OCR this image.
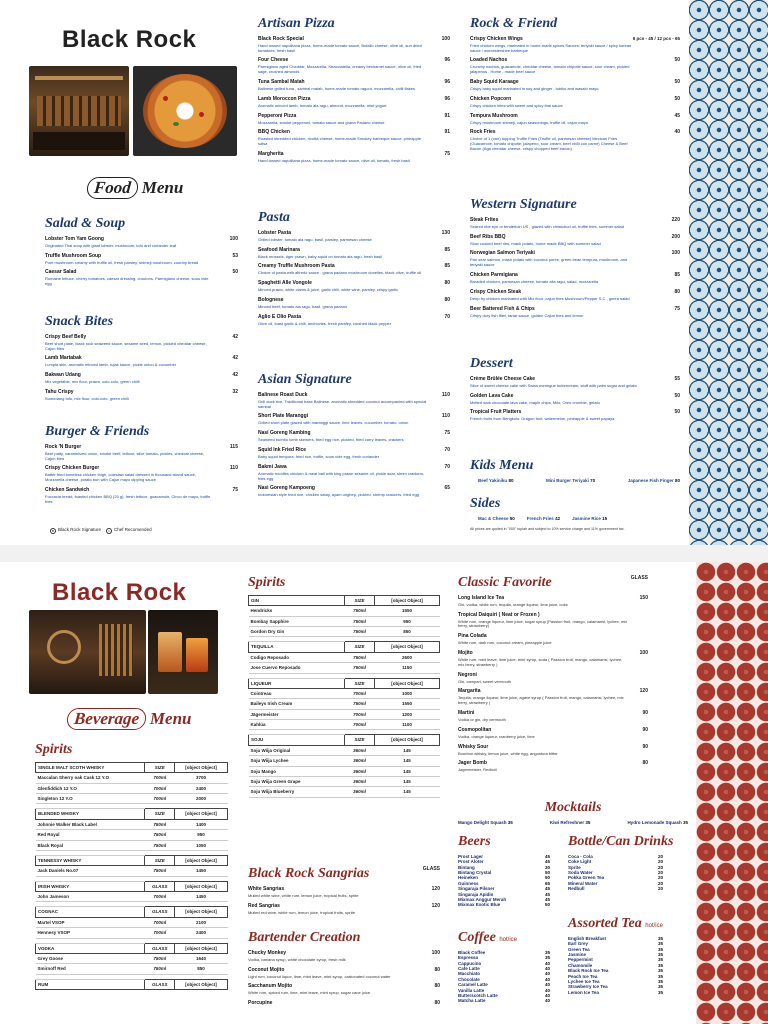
Black Rock
Food Menu
Salad & Soup
Lobster Tom Yam Goong	100
Originated Thai soup with giant lobster, mushroom, tofu and coriander leaf
Truffle Mushroom Soup	53
Pure mushroom creamy with truffle oil, fresh parsley, shimeji mushroom, country bread
Caesar Salad	50
Romaine lettuce, cherry tomatoes, caesar dressing, croutons, Parmigiano cheese, sous vide egg
Snack Bites
Crispy Beef Belly	42
Beef short plate, black rock seaweed sauce, sesame seed, lemon, pickled cheddar cheese, Cajun fries
Lamb Martabak	42
Lumpia skin, aromatic minced lamb, rujak sauce, pickle onion & cucumber
Bakwan Udang	42
Mix vegetable, mix flour, prawn, colo-colo, green chilli
Tahu Crispy	32
Sumedang tofu, mix flour, colo-colo, green chilli
Burger & Friends
Rock 'N Burger	115
Beef patty, caramelized onion, smoke beef, lettuce, slice tomato, pickles, cheddar cheese, Cajun fries
Crispy Chicken Burger	110
Batter fried boneless chicken thigh, coleslaw salad dressed in thousand island sauce, Mozzarella cheese, potato bun with Cajun mayo dipping sauce
Chicken Sandwich	75
Foccacia bread, toasted chicken BBQ (20 g), fresh lettuce, guacamole, Cinco de mayo, truffle fries
★ Black Rock Signature ♨ Chef Recomended
Artisan Pizza
Black Rock Special	100
Hand tossed napolitana pizza, home-made tomato sauce, Bufallo cheese, olive oil, sun dried tomatoes, fresh basil
Four Cheese	96
Parmigiano aged Cheddar, Mozzarella, Stracciatella, creamy bechamel sauce, olive oil, fried sage, crushed almonds
Tuna Sambal Matah	96
Balinese grilled tuna , sambal matah, home-made tomato ragout, mozzarella, chilli flakes
Lamb Moroccon Pizza	96
Aromatic minced lamb, tomato ala ragu, almond, mozzarella, mint yogurt
Pepperoni Pizza	91
Mozzarella, smoke pepperoni, tomato sauce and grana Padano cheese
BBQ Chicken	91
Roasted shredded chicken, ricotta cheese, home-made Smokey barbeque sauce, pineapple salsa
Margherita	75
Hand tossed napolitana pizza, home-made tomato sauce, olive oil, tomato, fresh basil
Pasta
Lobster Pasta	130
Grilled lobster, tomato ala ragu, basil, parsley, parmesan cheese
Seafood Marinara	85
Black mussels, tiger prawn, baby squid on tomato ala ragu, fresh basil
Creamy Truffle Mushroom Pasta	85
Choice of pasta with alfredo sauce , grana padano mushroom duxelles, black olive, truffle oil
Spaghetti Alle Vongole	80
Minced prawn, white clams & juice, garlic chili, white wine, parsley, crispy garlic
Bolognese	80
Minced beef, tomato ala ragu, basil, grana padano
Aglio E Olio Pasta	70
Olive oil, toast garlic & chili, anchovies, fresh parsley, crushed black pepper
Asian Signature
Balinese Roast Duck	110
Grill duck rice, Traditional base Balinese, aromatic shredded coconut accompanied with special sambal
Short Plate Maranggi	110
Grilled short plate glazed with maranggi sauce, lime leaves, cucumber, tomato, onion
Nasi Goreng Kambing	75
Seaweed bumbu lomb skewers, fried egg rice, pickled, fried curry leaves, crackers
Squid Ink Fried Rice	70
Baby squid tempura, fried rice, truffle, sous vide egg, fresh coriander
Bakmi Jawa	70
Aromatic noodles chicken & meat ball with king prawn sesame oil, pickle acar, shrim crackers, fries egg
Nasi Goreng Kampoeng	65
Indonesian style fried rice, chicken satay, ayam unghep, pickled, shrimp crackers, fried egg
Rock & Friend
6 pcs - 45 / 12 pcs - 65
Crispy Chicken Wings
Fried chicken wings, marinated in home-made spices Sauces: teriyaki sauce / spicy korean sauce / worcestershire barbeque
Loaded Nachos	50
Crunchy nachos, guacamole, cheddar cheese, tomato chipotle sauce, sour cream, pickled jalapenos . Home - made beef sauce
Baby Squid Karaage	50
Crispy baby squid marinated in soy and ginger , tobiko and wasabi mayo
Chicken Popcorn	50
Crispy chicken bites with sweet and spicy thai sauce
Tempura Mushroom	45
Crispy mushroom shimeji, cajun seasonings, truffle oil, cajun mayo
Rock Fries	40
Choice of 1 (one) topping Truffle Fries (Truffle oil, parmesan cheese) Mexican Fries (Guacamole, tomato chipotle, jalapeno, sour cream, beef chilli con carne) Cheese & Beef Bacon (Aga cheddar cheese, crispy chopped beef bacon)
Western Signature
Steak Frites	220
Seared ribe eye or tenderloin US , glazed with chimichuri oil, truffle fries, summer salad
Beef Ribs BBQ	200
Slow cooked beef ribs, mash potato, home made BBQ with summer salad
Norwegian Salmon Teriyaki	100
Pan sear salmon, mash potato with coconut puree, green bean tempura, mushroom, and teriyaki sauce
Chicken Parmigiana	85
Breaded chicken, parmesan cheese, tomato alla ragu, salad, mozzarella
Crispy Chicken Steak	80
Deep fry chicken marinated with Mix flour ,cajun fries Mushroom/Pepper S.C , green salad
Beer Battered Fish & Chips	75
Crispy dory fish fillet, tartar sauce, golden Cajun fries and lemon
Dessert
Crème Brûlée Cheese Cake	55
Slice of sweet cheese cake with Swiss meringue buttercream, stuff with palm sugar and gelato
Golden Lava Cake	50
Melted dark chocolate lava cake, maple chips, Milo, Oreo crumble, gelato
Tropical Fruit Platters	50
French fruits from Bengkulu: Dragon fruit, watermelon, pineapple & sweet papaya
Kids Menu
Beef Yakiniku 80	Mini Burger Teriyaki 70	Japanese Fish Finger 80
Sides
Mac & Cheese 50	French Fries 42	Jasmine Rice 15
All prices are quoted in "000" rupiah and subject to 10% service charge and 11% government tax.
Black Rock
Beverage Menu
Spirits
SINGLE MALT SCOTH WHISKY	SIZE	[object Object]
Maccalan Sherry oak Cask 12 Y.O	700ml	3700
Glenfiddich 12 Y.O	700ml	2400
Singleton 12 Y.O	700ml	2000

BLENDED WHISKY	SIZE	[object Object]
Johnnie Walker Black Label	750ml	1400
Red Royal	750ml	950
Black Royal	750ml	1050

TENNESSY WHISKY	SIZE	[object Object]
Jack Daniels No.07	750ml	1450

IRISH WHISKY	GLASS	[object Object]
John Jameson	700ml	1450

COGNAC	GLASS	[object Object]
Martel VSOP	700ml	2100
Hennesy VSOP	700ml	2400

VODKA	GLASS	[object Object]
Grey Goose	750ml	1640
Smirnoff Red	750ml	850

RUM	GLASS	[object Object]
Spirits
GIN	SIZE	[object Object]
Hendricks	750ml	1550
Bombay Sapphire	750ml	950
Gordon Dry Gin	750ml	850

TEQUILLA	SIZE	[object Object]
Codigo Reposado	750ml	2600
Jose Cuervo Reposado	750ml	1150

LIQUEUR	SIZE	[object Object]
Cointreau	700ml	1000
Baileys Irish Cream	750ml	1550
Jägermeister	700ml	1200
Kahlúa	700ml	1100

SOJU	SIZE	[object Object]
Soju Wiija Original	360ml	145
Soju Wiija Lychee	360ml	145
Soju Mango	360ml	145
Soju Wiija Green Grape	360ml	145
Soju Wiija Blueberry	360ml	145
Black Rock Sangrias	GLASS
White Sangrias	120
Mulled white wine, white rum, lemon juice, tropical fruits, sprite
Red Sangrias	120
Mulled red wine, white rum, lemon juice, tropical fruits, sprite
Bartender Creation
Chucky Monkey	100
Vodka, banana syrup, white chocolate syrup, fresh milk
Coconut Mojito	80
Light rum, coconut liquor, lime, mint leave, mint syrup, carbonated coconut water
Sacchanum Mojito	80
White rum, spiced rum, lime, mint leave, mint syrup, sugar cane juice
Porcupine	80
Classic Favorite	GLASS
Long Island Ice Tea	150
Gin, vodka, white rum, tequila, orange liqueur, lime juice, coke
Tropical Daiquiri ( Neat or Frozen )
White rum, orange liqueur, lime juice, sugar syrup (Passion fruit, mango, calamansi, lychee, mix berry, strawberry)
Pina Colada
White rum, dark rum, coconut cream, pineapple juice
Mojito	100
White rum, mint leave, lime juice, mint syrup, soda ( Passion fruit, mango, calamansi, lychee, mix berry, strawberry )
Negroni
Gin, campari, sweet vermouth
Margarita	120
Tequila, orange liqueur, lime juice, agave syrup ( Passion fruit, mango, calamansi, lychee, mix berry, strawberry )
Martini	90
Vodka or gin, dry vermouth
Cosmopolitan	90
Vodka, orange liqueur, cranberry juice, lime
Whisky Sour	90
Bourbon whisky, lemon juice, white egg, angostura bitter
Jager Bomb	80
Jagermeister, Redbull
Mocktails
Mango Delight Squash 35	Kiwi Refreshner 35	Hydro Lemonade Squash 35
Beers
Prost Lager	45
Prost Aloter	45
Bintang	30
Bintang Crystal	50
Heineken	50
Guinness	65
Singaraja Pilsner	45
Singaraja Apidin	45
Mixmax Anggur Merah	45
Mixmax Exotic Blue	50
Bottle/Can Drinks
Coca - Cola	20
Coke Light	20
Sprite	20
Soda Water	20
Pokka Green Tea	20
Mineral Water	20
Redbull	20
Coffee hot/ice
Black Coffee	35
Espresso	35
Cappucino	40
Cafe Latte	40
Macchiato	40
Chocolate	40
Caramel Latte	40
Vanilla Latte	40
Butterscotch Latte	40
Matcha Latte	40
Assorted Tea hot/ice
English Breakfast	35
Earl Grey	35
Green Tea	35
Jasmine	35
Peppermint	35
Chamomile	35
Black Rock Ice Tea	35
Peach Ice Tea	35
Lychee Ice Tea	35
Strawberry Ice Tea	35
Lemon Ice Tea	35
